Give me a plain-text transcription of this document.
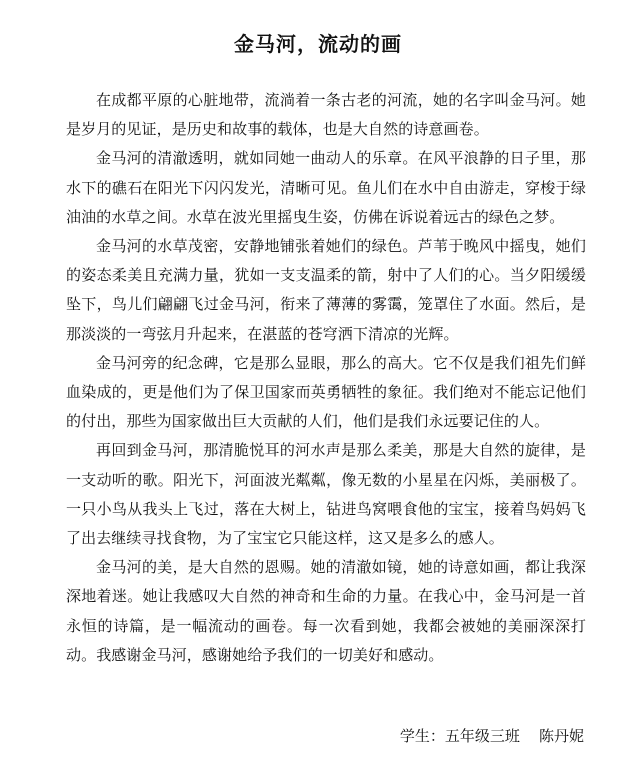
金马河，流动的画

在成都平原的心脏地带，流淌着一条古老的河流，她的名字叫金马河。她是岁月的见证，是历史和故事的载体，也是大自然的诗意画卷。

金马河的清澈透明，就如同她一曲动人的乐章。在风平浪静的日子里，那水下的礁石在阳光下闪闪发光，清晰可见。鱼儿们在水中自由游走，穿梭于绿油油的水草之间。水草在波光里摇曳生姿，仿佛在诉说着远古的绿色之梦。

金马河的水草茂密，安静地铺张着她们的绿色。芦苇于晚风中摇曳，她们的姿态柔美且充满力量，犹如一支支温柔的箭，射中了人们的心。当夕阳缓缓坠下，鸟儿们翩翩飞过金马河，衔来了薄薄的雾霭，笼罩住了水面。然后，是那淡淡的一弯弦月升起来，在湛蓝的苍穹洒下清凉的光辉。

金马河旁的纪念碑，它是那么显眼，那么的高大。它不仅是我们祖先们鲜血染成的，更是他们为了保卫国家而英勇牺牲的象征。我们绝对不能忘记他们的付出，那些为国家做出巨大贡献的人们，他们是我们永远要记住的人。

再回到金马河，那清脆悦耳的河水声是那么柔美，那是大自然的旋律，是一支动听的歌。阳光下，河面波光粼粼，像无数的小星星在闪烁，美丽极了。一只小鸟从我头上飞过，落在大树上，钻进鸟窝喂食他的宝宝，接着鸟妈妈飞了出去继续寻找食物，为了宝宝它只能这样，这又是多么的感人。

金马河的美，是大自然的恩赐。她的清澈如镜，她的诗意如画，都让我深深地着迷。她让我感叹大自然的神奇和生命的力量。在我心中，金马河是一首永恒的诗篇，是一幅流动的画卷。每一次看到她，我都会被她的美丽深深打动。我感谢金马河，感谢她给予我们的一切美好和感动。

学生：五年级三班    陈丹妮
